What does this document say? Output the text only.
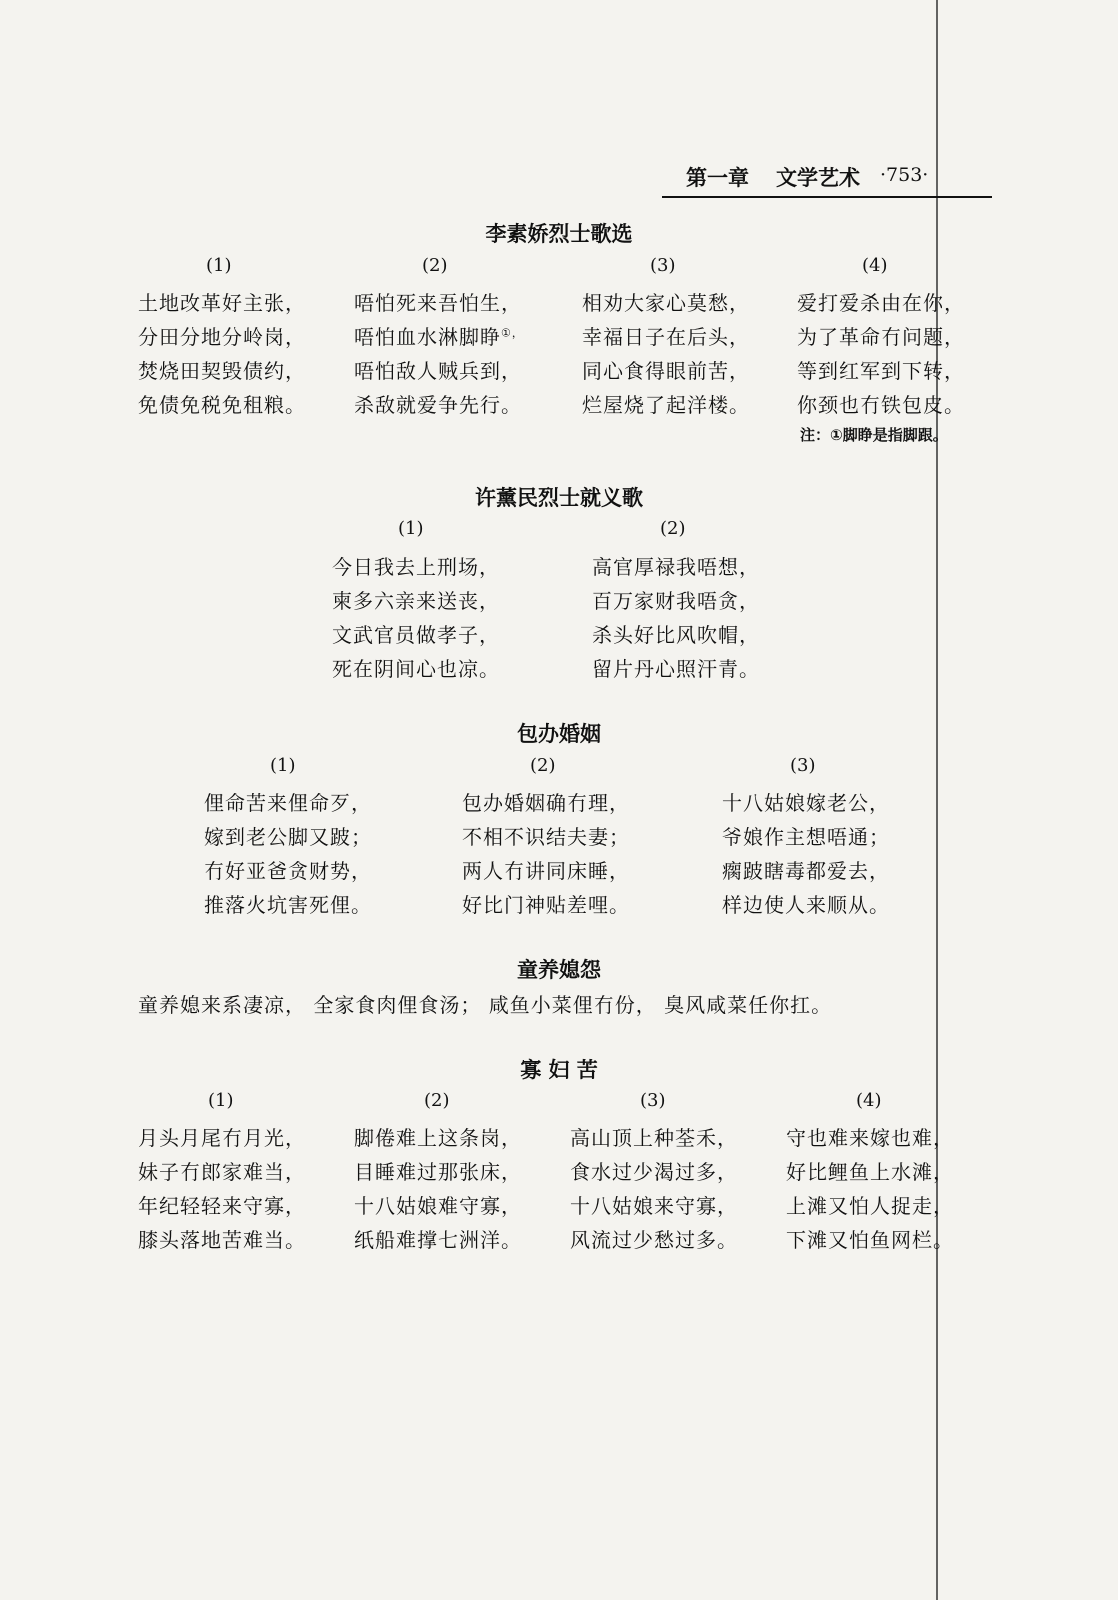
第一章 文学艺术 ·753·
李素娇烈士歌选
(1)
土地改革好主张，
分田分地分岭岗，
焚烧田契毁债约，
免债免税免租粮。
(2)
唔怕死来吾怕生，
唔怕血水淋脚睁①，
唔怕敌人贼兵到，
杀敌就爱争先行。
(3)
相劝大家心莫愁，
幸福日子在后头，
同心食得眼前苦，
烂屋烧了起洋楼。
(4)
爱打爱杀由在你，
为了革命冇问题，
等到红军到下转，
你颈也冇铁包皮。
注：①脚睁是指脚跟。
许薰民烈士就义歌
(1)
今日我去上刑场，
柬多六亲来送丧，
文武官员做孝子，
死在阴间心也凉。
(2)
高官厚禄我唔想，
百万家财我唔贪，
杀头好比风吹帽，
留片丹心照汗青。
包办婚姻
(1)
俚命苦来俚命歹，
嫁到老公脚又跛；
冇好亚爸贪财势，
推落火坑害死俚。
(2)
包办婚姻确冇理，
不相不识结夫妻；
两人冇讲同床睡，
好比门神贴差哩。
(3)
十八姑娘嫁老公，
爷娘作主想唔通；
瘸跛瞎毒都爱去，
样边使人来顺从。
童养媳怨
童养媳来系凄凉， 全家食肉俚食汤； 咸鱼小菜俚冇份， 臭风咸菜任你扛。
寡 妇 苦
(1)
月头月尾冇月光，
妹子冇郎家难当，
年纪轻轻来守寡，
膝头落地苦难当。
(2)
脚倦难上这条岗，
目睡难过那张床，
十八姑娘难守寡，
纸船难撑七洲洋。
(3)
高山顶上种荃禾，
食水过少渴过多，
十八姑娘来守寡，
风流过少愁过多。
(4)
守也难来嫁也难，
好比鲤鱼上水滩，
上滩又怕人捉走，
下滩又怕鱼网栏。
